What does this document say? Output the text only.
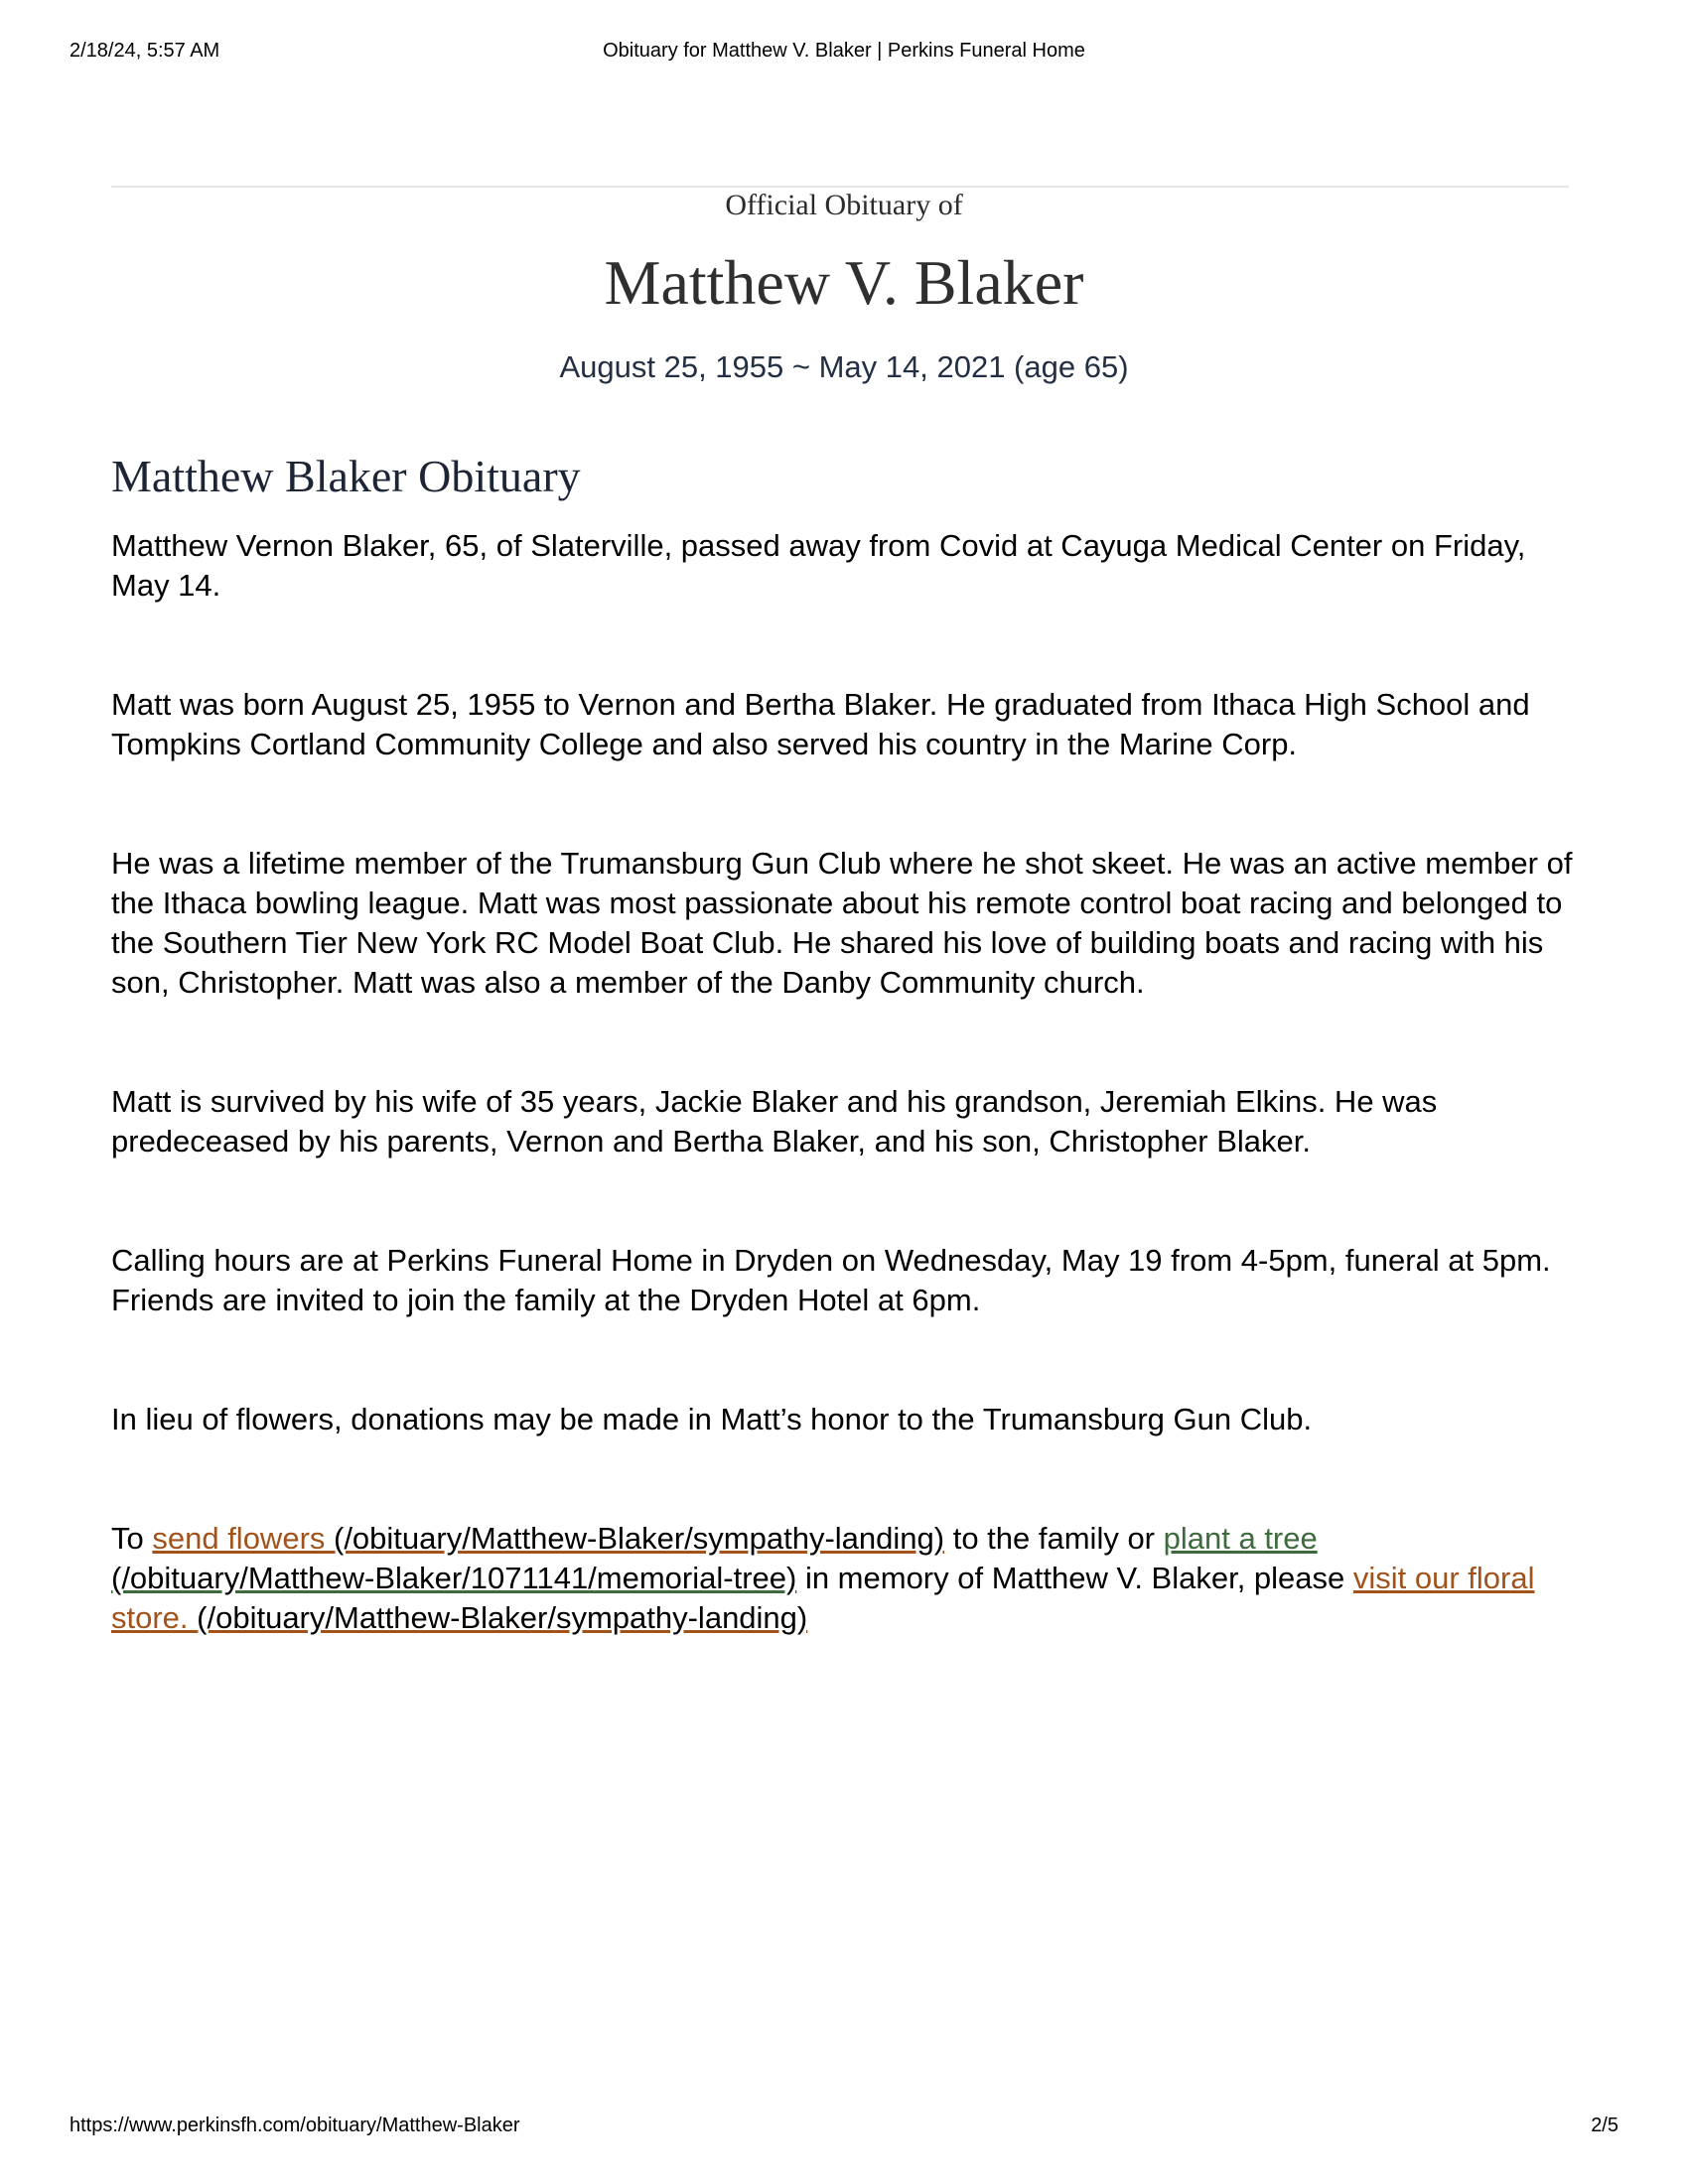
2/18/24, 5:57 AM	Obituary for Matthew V. Blaker | Perkins Funeral Home
Official Obituary of
Matthew V. Blaker
August 25, 1955 ~ May 14, 2021 (age 65)
Matthew Blaker Obituary

Matthew Vernon Blaker, 65, of Slaterville, passed away from Covid at Cayuga Medical Center on Friday, May 14.

Matt was born August 25, 1955 to Vernon and Bertha Blaker. He graduated from Ithaca High School and Tompkins Cortland Community College and also served his country in the Marine Corp.

He was a lifetime member of the Trumansburg Gun Club where he shot skeet. He was an active member of the Ithaca bowling league. Matt was most passionate about his remote control boat racing and belonged to the Southern Tier New York RC Model Boat Club. He shared his love of building boats and racing with his son, Christopher. Matt was also a member of the Danby Community church.

Matt is survived by his wife of 35 years, Jackie Blaker and his grandson, Jeremiah Elkins. He was predeceased by his parents, Vernon and Bertha Blaker, and his son, Christopher Blaker.

Calling hours are at Perkins Funeral Home in Dryden on Wednesday, May 19 from 4-5pm, funeral at 5pm. Friends are invited to join the family at the Dryden Hotel at 6pm.

In lieu of flowers, donations may be made in Matt’s honor to the Trumansburg Gun Club.

To send flowers (/obituary/Matthew-Blaker/sympathy-landing) to the family or plant a tree (/obituary/Matthew-Blaker/1071141/memorial-tree) in memory of Matthew V. Blaker, please visit our floral store. (/obituary/Matthew-Blaker/sympathy-landing)

https://www.perkinsfh.com/obituary/Matthew-Blaker	2/5
